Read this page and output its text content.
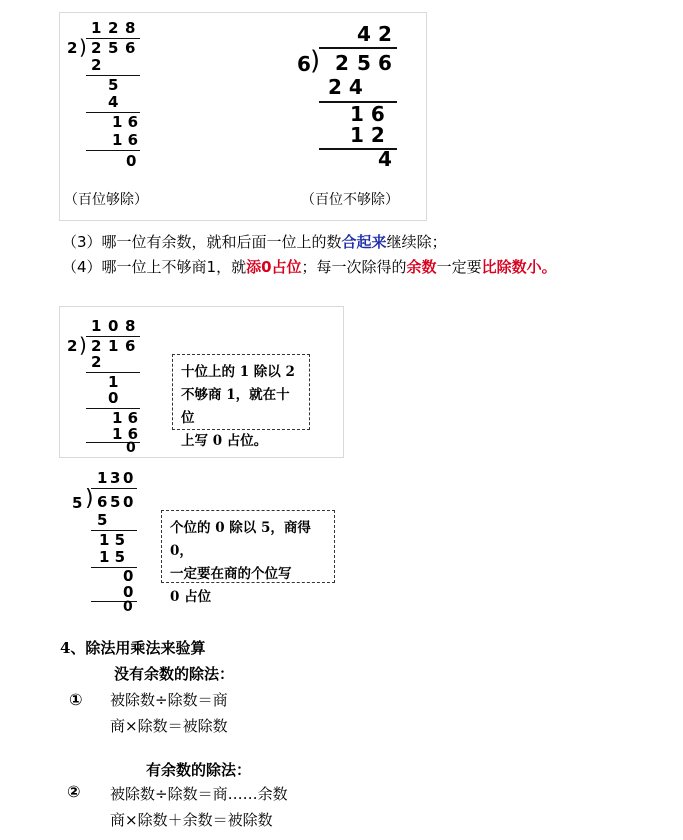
1 2 8
2 ) 2 5 6
2
5
4
1 6
1 6
0
（百位够除）
4 2
6 ) 2 5 6
2 4
1 6
1 2
4
（百位不够除）
（3）哪一位有余数，就和后面一位上的数合起来继续除；
（4）哪一位上不够商1，就添0占位；每一次除得的余数一定要比除数小。
1 0 8
2 ) 2 1 6
2
1
0
1 6
1 6
0
十位上的 1 除以 2
不够商 1，就在十位
上写 0 占位。
1 3 0
5 ) 6 5 0
5
1 5
1 5
0
0
0
个位的 0 除以 5，商得 0，
一定要在商的个位写
0 占位
4、除法用乘法来验算
没有余数的除法：
① 被除数÷除数＝商
商×除数＝被除数
有余数的除法：
② 被除数÷除数＝商……余数
商×除数＋余数＝被除数
